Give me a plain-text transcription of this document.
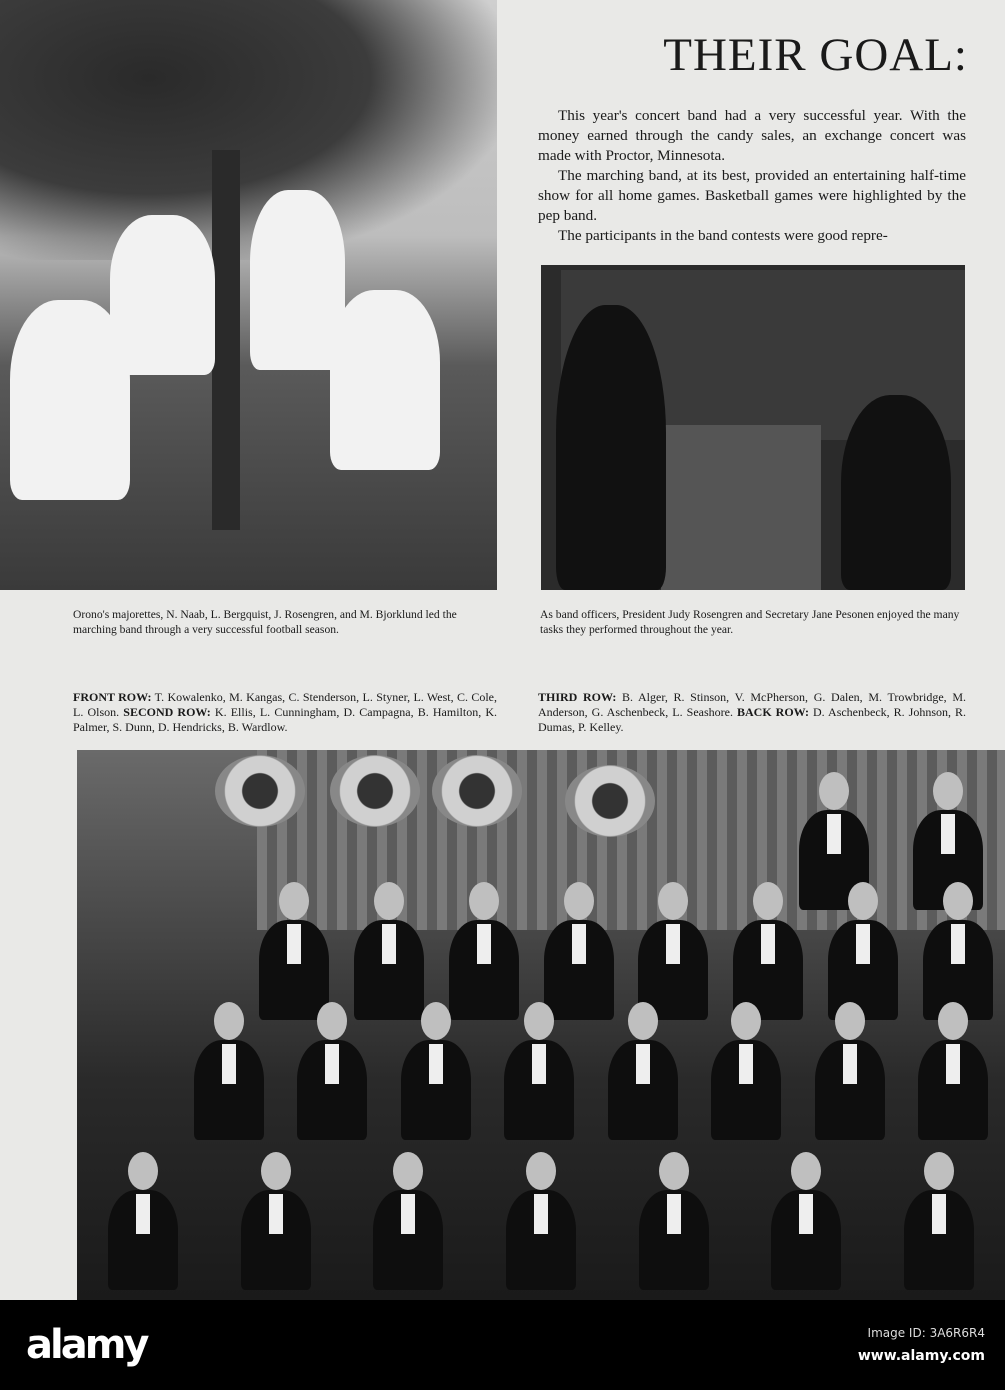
THEIR GOAL:

This year's concert band had a very successful year. With the money earned through the candy sales, an exchange concert was made with Proctor, Minnesota.

The marching band, at its best, provided an entertaining half-time show for all home games. Basketball games were highlighted by the pep band.

The participants in the band contests were good repre-

Orono's majorettes, N. Naab, L. Bergquist, J. Rosengren, and M. Bjorklund led the marching band through a very successful football season.
As band officers, President Judy Rosengren and Secretary Jane Pesonen enjoyed the many tasks they performed throughout the year.
FRONT ROW: T. Kowalenko, M. Kangas, C. Stenderson, L. Styner, L. West, C. Cole, L. Olson. SECOND ROW: K. Ellis, L. Cunningham, D. Campagna, B. Hamilton, K. Palmer, S. Dunn, D. Hendricks, B. Wardlow.
THIRD ROW: B. Alger, R. Stinson, V. McPherson, G. Dalen, M. Trowbridge, M. Anderson, G. Aschenbeck, L. Seashore. BACK ROW: D. Aschenbeck, R. Johnson, R. Dumas, P. Kelley.
alamy	Image ID: 3A6R6R4
www.alamy.com
